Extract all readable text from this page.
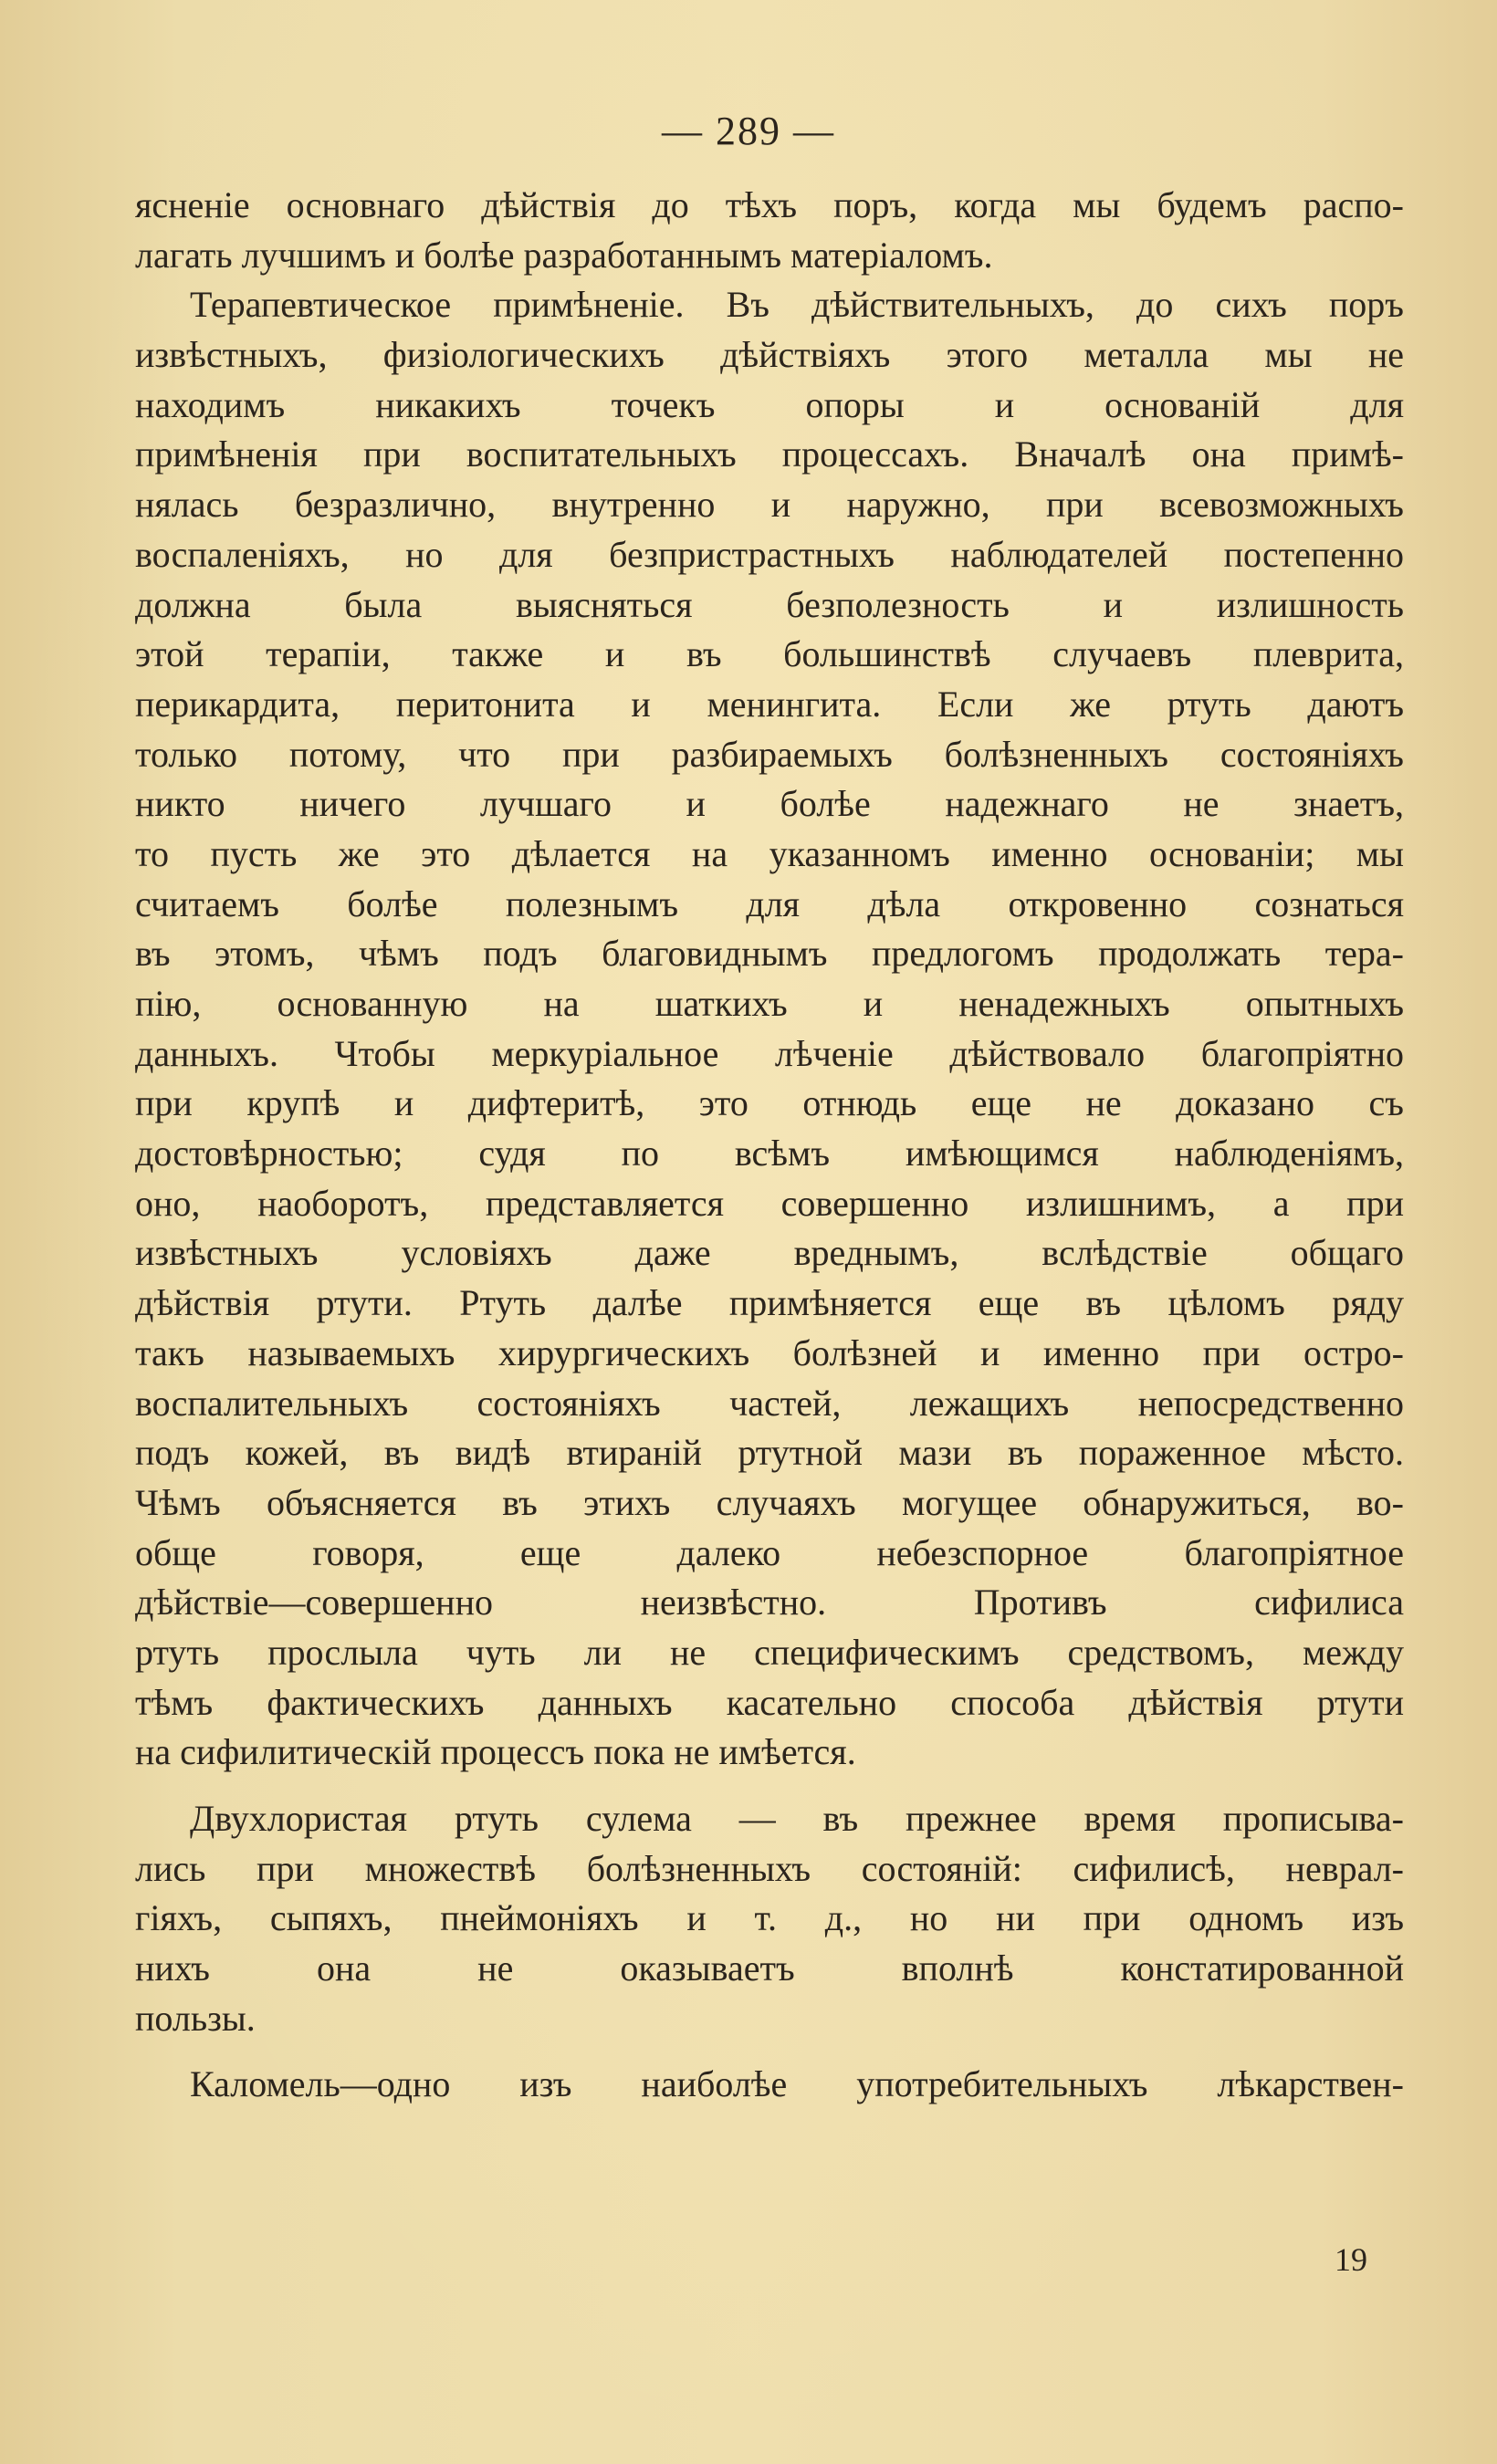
— 289 —

ясненіе основнаго дѣйствія до тѣхъ поръ, когда мы будемъ распо-
лагать лучшимъ и болѣе разработаннымъ матеріаломъ.
Терапевтическое примѣненіе. Въ дѣйствительныхъ, до сихъ поръ
извѣстныхъ, физіологическихъ дѣйствіяхъ этого металла мы не
находимъ никакихъ точекъ опоры и основаній для
примѣненія при воспитательныхъ процессахъ. Вначалѣ она примѣ-
нялась безразлично, внутренно и наружно, при всевозможныхъ
воспаленіяхъ, но для безпристрастныхъ наблюдателей постепенно
должна была выясняться безполезность и излишность
этой терапіи, также и въ большинствѣ случаевъ плеврита,
перикардита, перитонита и менингита. Если же ртуть даютъ
только потому, что при разбираемыхъ болѣзненныхъ состояніяхъ
никто ничего лучшаго и болѣе надежнаго не знаетъ,
то пусть же это дѣлается на указанномъ именно основаніи; мы
считаемъ болѣе полезнымъ для дѣла откровенно сознаться
въ этомъ, чѣмъ подъ благовиднымъ предлогомъ продолжать тера-
пію, основанную на шаткихъ и ненадежныхъ опытныхъ
данныхъ. Чтобы меркуріальное лѣченіе дѣйствовало благопріятно
при крупѣ и дифтеритѣ, это отнюдь еще не доказано съ
достовѣрностью; судя по всѣмъ имѣющимся наблюденіямъ,
оно, наоборотъ, представляется совершенно излишнимъ, а при
извѣстныхъ условіяхъ даже вреднымъ, вслѣдствіе общаго
дѣйствія ртути. Ртуть далѣе примѣняется еще въ цѣломъ ряду
такъ называемыхъ хирургическихъ болѣзней и именно при остро-
воспалительныхъ состояніяхъ частей, лежащихъ непосредственно
подъ кожей, въ видѣ втираній ртутной мази въ пораженное мѣсто.
Чѣмъ объясняется въ этихъ случаяхъ могущее обнаружиться, во-
обще говоря, еще далеко небезспорное благопріятное
дѣйствіе—совершенно неизвѣстно. Противъ сифилиса
ртуть прослыла чуть ли не специфическимъ средствомъ, между
тѣмъ фактическихъ данныхъ касательно способа дѣйствія ртути
на сифилитическій процессъ пока не имѣется.
Двухлористая ртуть сулема — въ прежнее время прописыва-
лись при множествѣ болѣзненныхъ состояній: сифилисѣ, неврал-
гіяхъ, сыпяхъ, пнеймоніяхъ и т. д., но ни при одномъ изъ
нихъ она не оказываетъ вполнѣ констатированной
пользы.
Каломель—одно изъ наиболѣе употребительныхъ лѣкарствен-

19
